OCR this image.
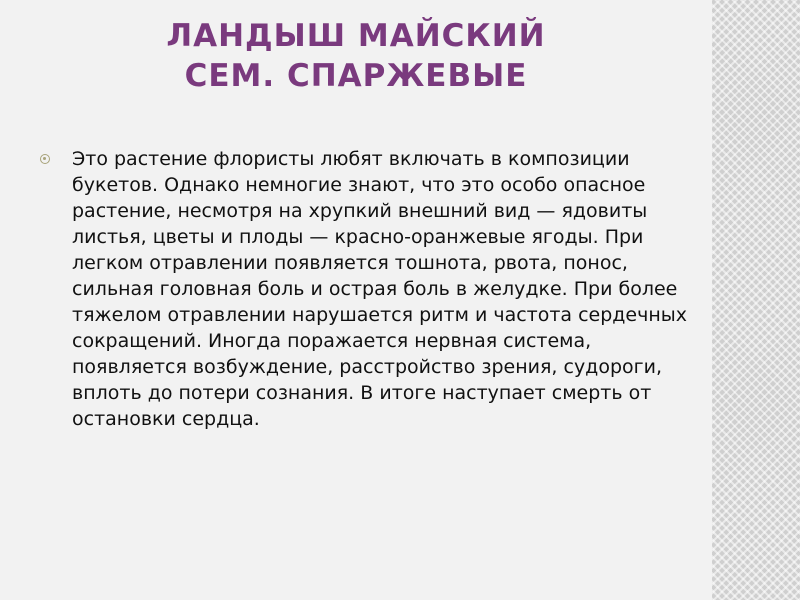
ЛАНДЫШ МАЙСКИЙ
СЕМ. СПАРЖЕВЫЕ

Это растение флористы любят включать в композиции букетов. Однако немногие знают, что это особо опасное растение, несмотря на хрупкий внешний вид — ядовиты листья, цветы и плоды — красно-оранжевые ягоды. При легком отравлении появляется тошнота, рвота, понос, сильная головная боль и острая боль в желудке. При более тяжелом отравлении нарушается ритм и частота сердечных сокращений. Иногда поражается нервная система, появляется возбуждение, расстройство зрения, судороги, вплоть до потери сознания. В итоге наступает смерть от остановки сердца.
